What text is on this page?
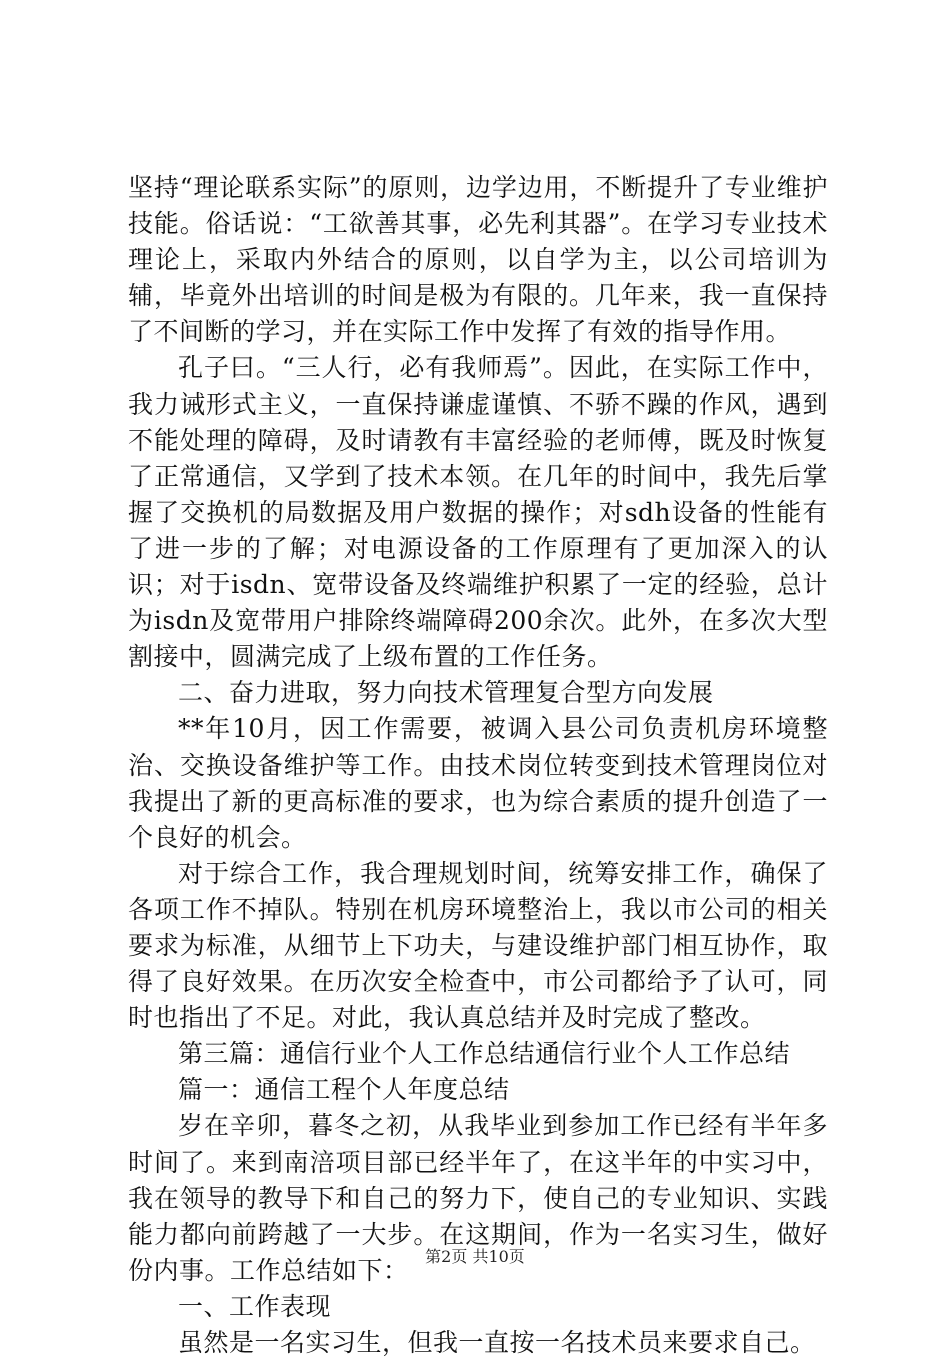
坚持“理论联系实际”的原则，边学边用，不断提升了专业维护技能。俗话说：“工欲善其事，必先利其器”。在学习专业技术理论上，采取内外结合的原则，以自学为主，以公司培训为辅，毕竟外出培训的时间是极为有限的。几年来，我一直保持了不间断的学习，并在实际工作中发挥了有效的指导作用。

孔子曰。“三人行，必有我师焉”。因此，在实际工作中，我力诫形式主义，一直保持谦虚谨慎、不骄不躁的作风，遇到不能处理的障碍，及时请教有丰富经验的老师傅，既及时恢复了正常通信，又学到了技术本领。在几年的时间中，我先后掌握了交换机的局数据及用户数据的操作；对sdh设备的性能有了进一步的了解；对电源设备的工作原理有了更加深入的认识；对于isdn、宽带设备及终端维护积累了一定的经验，总计为isdn及宽带用户排除终端障碍200余次。此外，在多次大型割接中，圆满完成了上级布置的工作任务。

二、奋力进取，努力向技术管理复合型方向发展

**年10月，因工作需要，被调入县公司负责机房环境整治、交换设备维护等工作。由技术岗位转变到技术管理岗位对我提出了新的更高标准的要求，也为综合素质的提升创造了一个良好的机会。

对于综合工作，我合理规划时间，统筹安排工作，确保了各项工作不掉队。特别在机房环境整治上，我以市公司的相关要求为标准，从细节上下功夫，与建设维护部门相互协作，取得了良好效果。在历次安全检查中，市公司都给予了认可，同时也指出了不足。对此，我认真总结并及时完成了整改。

第三篇：通信行业个人工作总结通信行业个人工作总结

篇一：通信工程个人年度总结

岁在辛卯，暮冬之初，从我毕业到参加工作已经有半年多时间了。来到南涪项目部已经半年了，在这半年的中实习中，我在领导的教导下和自己的努力下，使自己的专业知识、实践能力都向前跨越了一大步。在这期间，作为一名实习生，做好份内事。工作总结如下：

一、工作表现

虽然是一名实习生，但我一直按一名技术员来要求自己。

第2页 共10页
